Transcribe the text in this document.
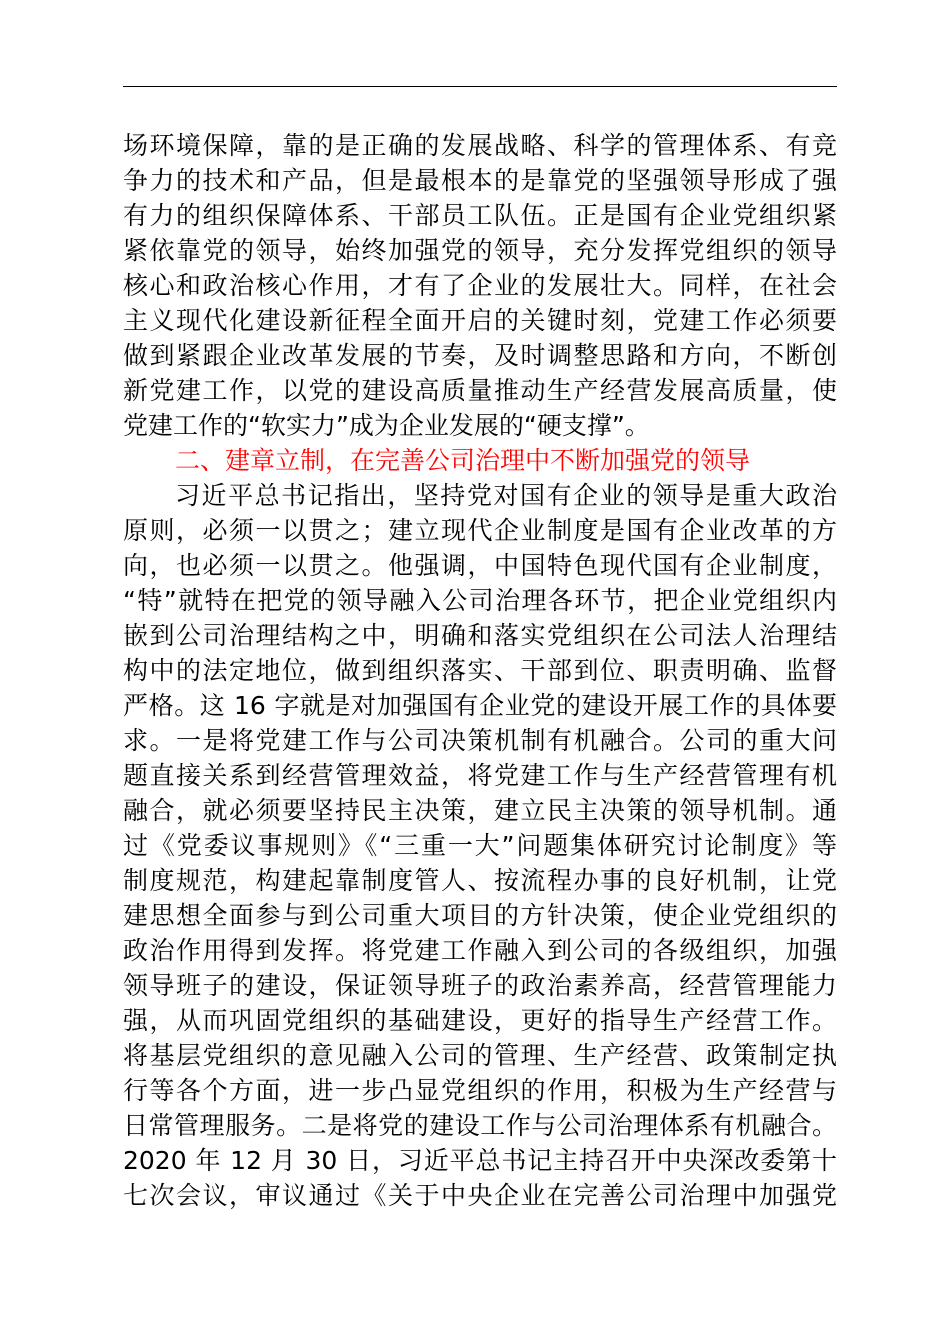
场环境保障，靠的是正确的发展战略、科学的管理体系、有竞
争力的技术和产品，但是最根本的是靠党的坚强领导形成了强
有力的组织保障体系、干部员工队伍。正是国有企业党组织紧
紧依靠党的领导，始终加强党的领导，充分发挥党组织的领导
核心和政治核心作用，才有了企业的发展壮大。同样，在社会
主义现代化建设新征程全面开启的关键时刻，党建工作必须要
做到紧跟企业改革发展的节奏，及时调整思路和方向，不断创
新党建工作，以党的建设高质量推动生产经营发展高质量，使
党建工作的“软实力”成为企业发展的“硬支撑”。
二、建章立制，在完善公司治理中不断加强党的领导
习近平总书记指出，坚持党对国有企业的领导是重大政治
原则，必须一以贯之；建立现代企业制度是国有企业改革的方
向，也必须一以贯之。他强调，中国特色现代国有企业制度，
“特”就特在把党的领导融入公司治理各环节，把企业党组织内
嵌到公司治理结构之中，明确和落实党组织在公司法人治理结
构中的法定地位，做到组织落实、干部到位、职责明确、监督
严格。这 16 字就是对加强国有企业党的建设开展工作的具体要
求。一是将党建工作与公司决策机制有机融合。公司的重大问
题直接关系到经营管理效益，将党建工作与生产经营管理有机
融合，就必须要坚持民主决策，建立民主决策的领导机制。通
过《党委议事规则》《“三重一大”问题集体研究讨论制度》等
制度规范，构建起靠制度管人、按流程办事的良好机制，让党
建思想全面参与到公司重大项目的方针决策，使企业党组织的
政治作用得到发挥。将党建工作融入到公司的各级组织，加强
领导班子的建设，保证领导班子的政治素养高，经营管理能力
强，从而巩固党组织的基础建设，更好的指导生产经营工作。
将基层党组织的意见融入公司的管理、生产经营、政策制定执
行等各个方面，进一步凸显党组织的作用，积极为生产经营与
日常管理服务。二是将党的建设工作与公司治理体系有机融合。
2020 年 12 月 30 日，习近平总书记主持召开中央深改委第十
七次会议，审议通过《关于中央企业在完善公司治理中加强党
